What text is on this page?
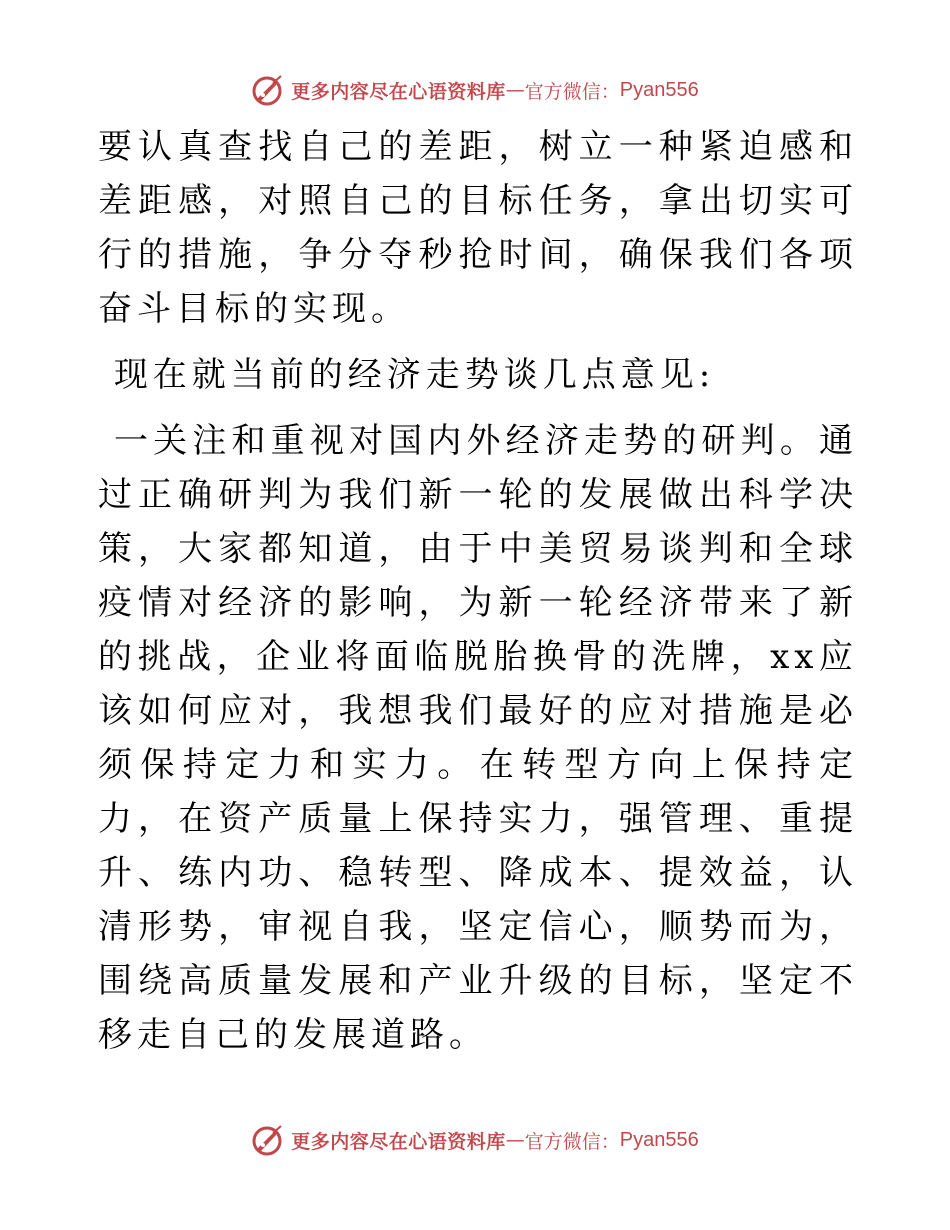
更多内容尽在心语资料库 — 官方微信： Pyan556

要认真查找自己的差距，树立一种紧迫感和差距感，对照自己的目标任务，拿出切实可行的措施，争分夺秒抢时间，确保我们各项奋斗目标的实现。

现在就当前的经济走势谈几点意见:

一关注和重视对国内外经济走势的研判。通过正确研判为我们新一轮的发展做出科学决策，大家都知道，由于中美贸易谈判和全球疫情对经济的影响，为新一轮经济带来了新的挑战，企业将面临脱胎换骨的洗牌，xx应该如何应对，我想我们最好的应对措施是必须保持定力和实力。在转型方向上保持定力，在资产质量上保持实力，强管理、重提升、练内功、稳转型、降成本、提效益，认清形势，审视自我，坚定信心，顺势而为，围绕高质量发展和产业升级的目标，坚定不移走自己的发展道路。

更多内容尽在心语资料库 — 官方微信： Pyan556
